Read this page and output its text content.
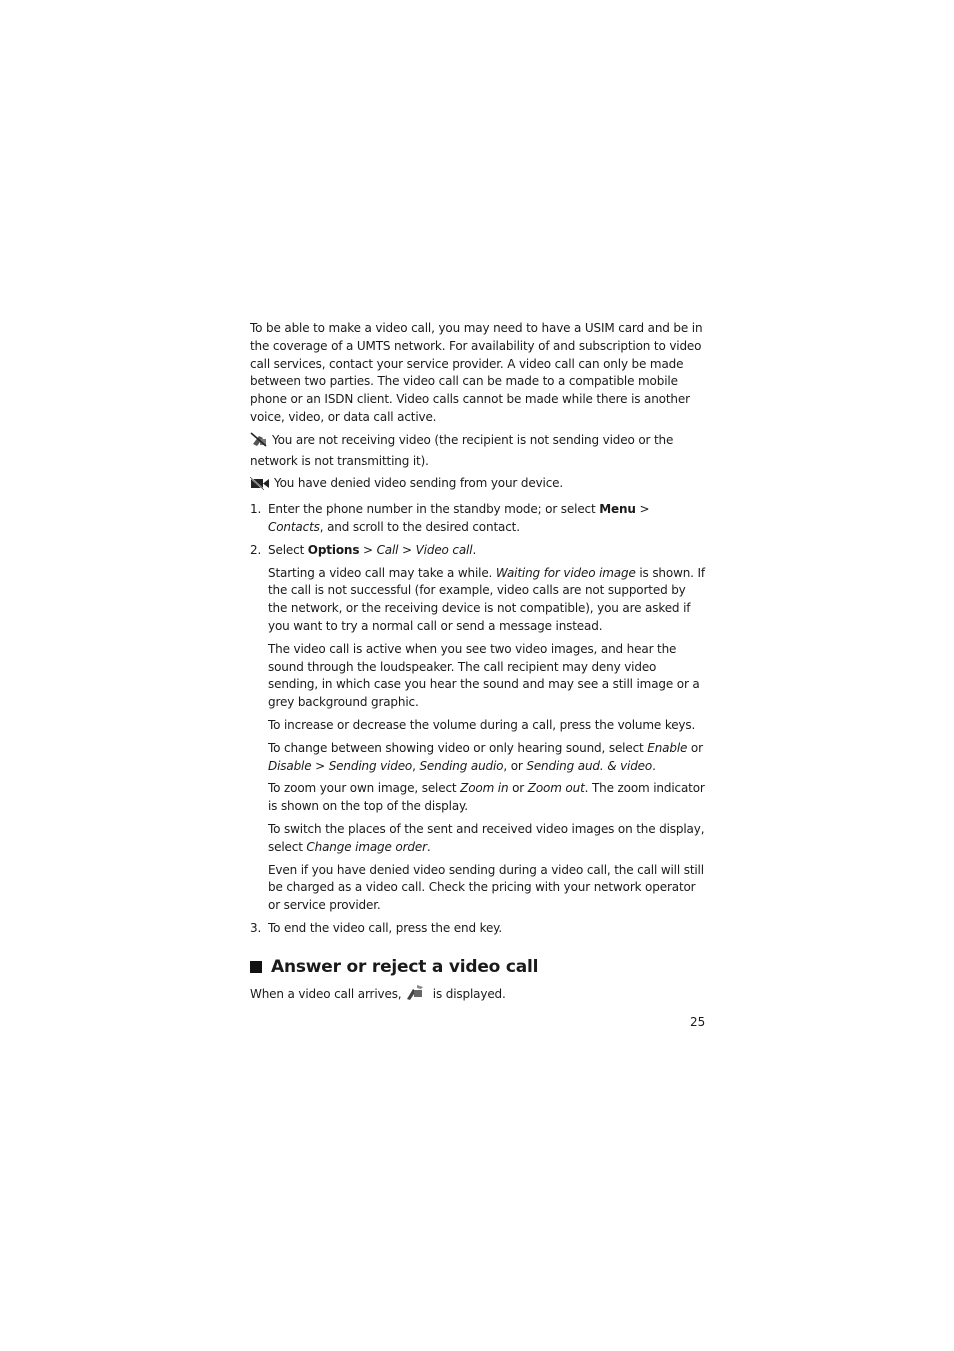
To be able to make a video call, you may need to have a USIM card and be in the coverage of a UMTS network. For availability of and subscription to video call services, contact your service provider. A video call can only be made between two parties. The video call can be made to a compatible mobile phone or an ISDN client. Video calls cannot be made while there is another voice, video, or data call active.

You are not receiving video (the recipient is not sending video or the network is not transmitting it).

You have denied video sending from your device.

1. Enter the phone number in the standby mode; or select Menu > Contacts, and scroll to the desired contact.

2. Select Options > Call > Video call.

Starting a video call may take a while. Waiting for video image is shown. If the call is not successful (for example, video calls are not supported by the network, or the receiving device is not compatible), you are asked if you want to try a normal call or send a message instead.

The video call is active when you see two video images, and hear the sound through the loudspeaker. The call recipient may deny video sending, in which case you hear the sound and may see a still image or a grey background graphic.

To increase or decrease the volume during a call, press the volume keys.

To change between showing video or only hearing sound, select Enable or Disable > Sending video, Sending audio, or Sending aud. & video.

To zoom your own image, select Zoom in or Zoom out. The zoom indicator is shown on the top of the display.

To switch the places of the sent and received video images on the display, select Change image order.

Even if you have denied video sending during a video call, the call will still be charged as a video call. Check the pricing with your network operator or service provider.

3. To end the video call, press the end key.

Answer or reject a video call

When a video call arrives,  is displayed.

25
